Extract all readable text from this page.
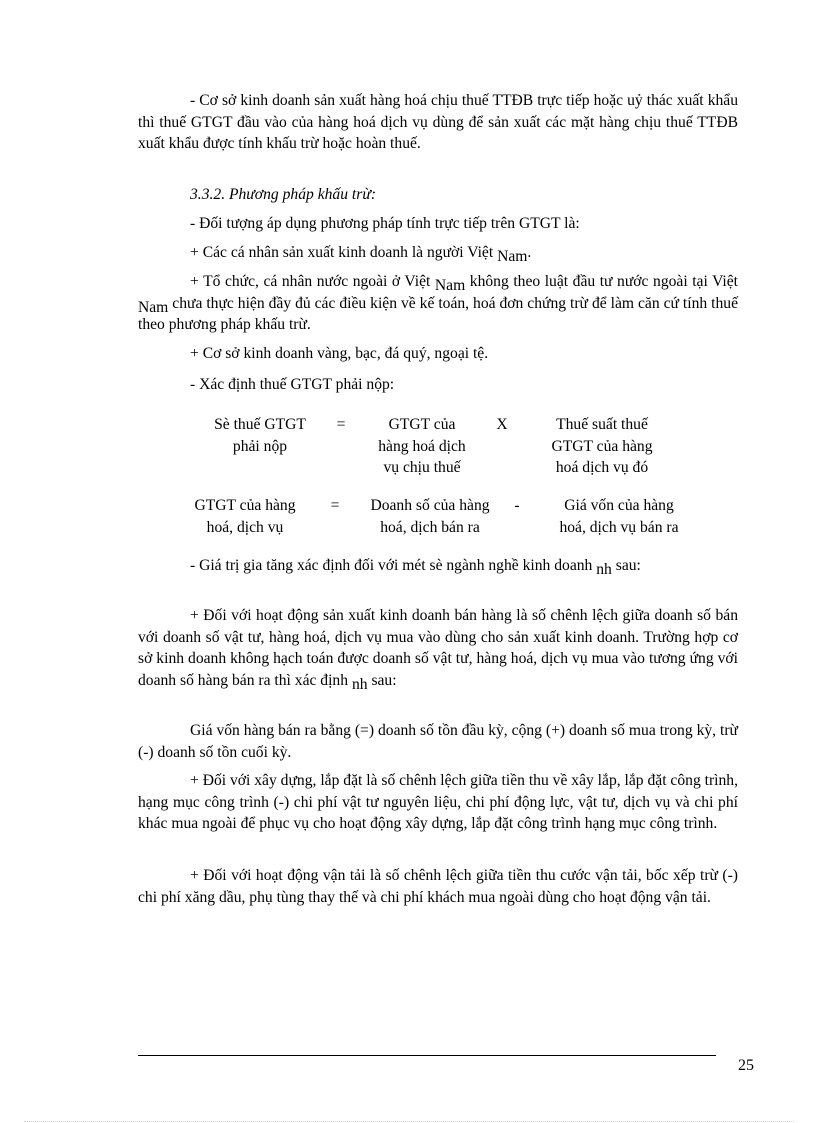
- Cơ sở kinh doanh sản xuất hàng hoá chịu thuế TTĐB trực tiếp hoặc uỷ thác xuất khẩu thì thuế GTGT đầu vào của hàng hoá dịch vụ dùng để sản xuất các mặt hàng chịu thuế TTĐB xuất khẩu được tính khấu trừ hoặc hoàn thuế.

3.3.2. Phương pháp khấu trừ:

- Đối tượng áp dụng phương pháp tính trực tiếp trên GTGT là:

+ Các cá nhân sản xuất kinh doanh là người Việt Nam.

+ Tổ chức, cá nhân nước ngoài ở Việt Nam không theo luật đầu tư nước ngoài tại Việt Nam chưa thực hiện đầy đủ các điều kiện về kế toán, hoá đơn chứng trừ để làm căn cứ tính thuế theo phương pháp khấu trừ.

+ Cơ sở kinh doanh vàng, bạc, đá quý, ngoại tệ.

- Xác định thuế GTGT phải nộp:

Sè thuế GTGT
phải nộp
=	GTGT của
hàng hoá dịch
vụ chịu thuế
X	Thuế suất thuế
GTGT của hàng
hoá dịch vụ đó
GTGT của hàng
hoá, dịch vụ
=	Doanh số của hàng
hoá, dịch bán ra
-	Giá vốn của hàng
hoá, dịch vụ bán ra

- Giá trị gia tăng xác định đối với mét sè ngành nghề kinh doanh nh sau:

+ Đối với hoạt động sản xuất kinh doanh bán hàng là số chênh lệch giữa doanh số bán với doanh số vật tư, hàng hoá, dịch vụ mua vào dùng cho sản xuất kinh doanh. Trường hợp cơ sở kinh doanh không hạch toán được doanh số vật tư, hàng hoá, dịch vụ mua vào tương ứng với doanh số hàng bán ra thì xác định nh sau:

Giá vốn hàng bán ra bằng (=) doanh số tồn đầu kỳ, cộng (+) doanh số mua trong kỳ, trừ (-) doanh số tồn cuối kỳ.

+ Đối với xây dựng, lắp đặt là số chênh lệch giữa tiền thu về xây lắp, lắp đặt công trình, hạng mục công trình (-) chi phí vật tư nguyên liệu, chi phí động lực, vật tư, dịch vụ và chi phí khác mua ngoài để phục vụ cho hoạt động xây dựng, lắp đặt công trình hạng mục công trình.

+ Đối với hoạt động vận tải là số chênh lệch giữa tiền thu cước vận tải, bốc xếp trừ (-) chi phí xăng dầu, phụ tùng thay thế và chi phí khách mua ngoài dùng cho hoạt động vận tải.

25
